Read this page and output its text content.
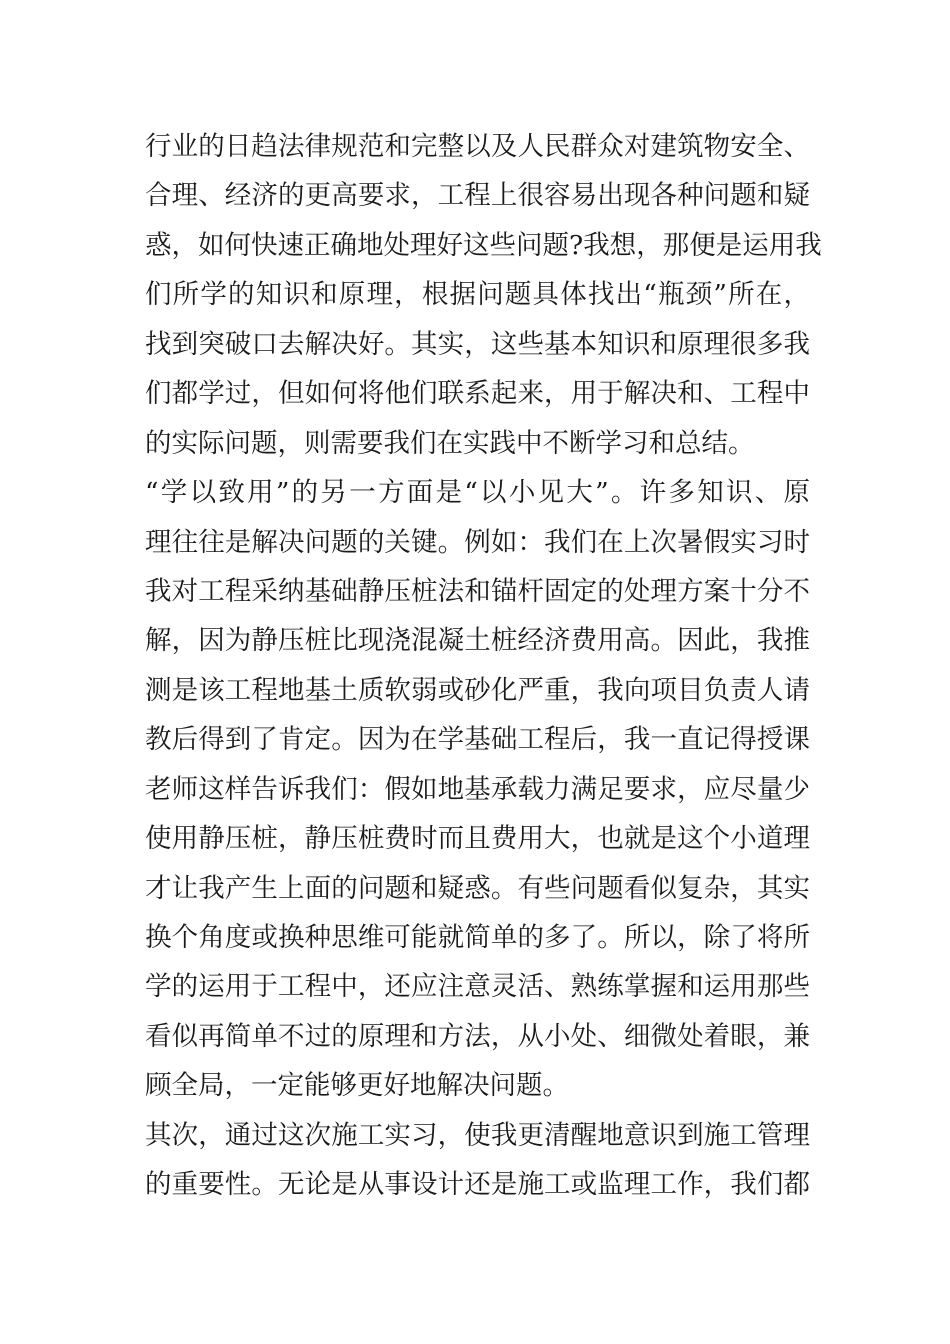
行业的日趋法律规范和完整以及人民群众对建筑物安全、
合理、经济的更高要求，工程上很容易出现各种问题和疑
惑，如何快速正确地处理好这些问题?我想，那便是运用我
们所学的知识和原理，根据问题具体找出“瓶颈”所在，
找到突破口去解决好。其实，这些基本知识和原理很多我
们都学过，但如何将他们联系起来，用于解决和、工程中
的实际问题，则需要我们在实践中不断学习和总结。
“学以致用”的另一方面是“以小见大”。许多知识、原
理往往是解决问题的关键。例如：我们在上次暑假实习时
我对工程采纳基础静压桩法和锚杆固定的处理方案十分不
解，因为静压桩比现浇混凝土桩经济费用高。因此，我推
测是该工程地基土质软弱或砂化严重，我向项目负责人请
教后得到了肯定。因为在学基础工程后，我一直记得授课
老师这样告诉我们：假如地基承载力满足要求，应尽量少
使用静压桩，静压桩费时而且费用大，也就是这个小道理
才让我产生上面的问题和疑惑。有些问题看似复杂，其实
换个角度或换种思维可能就简单的多了。所以，除了将所
学的运用于工程中，还应注意灵活、熟练掌握和运用那些
看似再简单不过的原理和方法，从小处、细微处着眼，兼
顾全局，一定能够更好地解决问题。
其次，通过这次施工实习，使我更清醒地意识到施工管理
的重要性。无论是从事设计还是施工或监理工作，我们都
